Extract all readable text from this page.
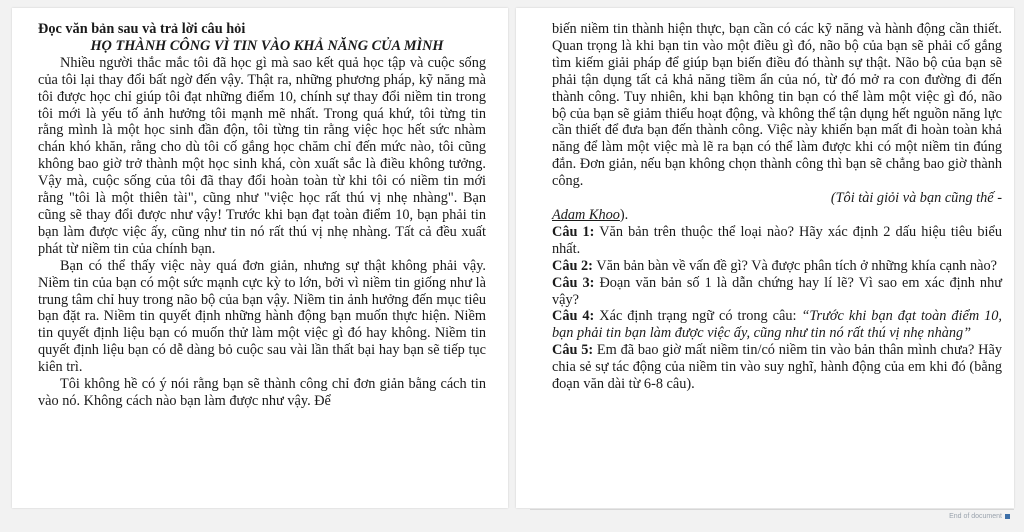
Đọc văn bản sau và trả lời câu hỏi

HỌ THÀNH CÔNG VÌ TIN VÀO KHẢ NĂNG CỦA MÌNH

Nhiều người thắc mắc tôi đã học gì mà sao kết quả học tập và cuộc sống của tôi lại thay đổi bất ngờ đến vậy. Thật ra, những phương pháp, kỹ năng mà tôi được học chỉ giúp tôi đạt những điểm 10, chính sự thay đổi niềm tin trong tôi mới là yếu tố ảnh hưởng tôi mạnh mẽ nhất. Trong quá khứ, tôi từng tin rằng mình là một học sinh đần độn, tôi từng tin rằng việc học hết sức nhàm chán khó khăn, rằng cho dù tôi cố gắng học chăm chỉ đến mức nào, tôi cũng không bao giờ trở thành một học sinh khá, còn xuất sắc là điều không tưởng. Vậy mà, cuộc sống của tôi đã thay đổi hoàn toàn từ khi tôi có niềm tin mới rằng "tôi là một thiên tài", cũng như "việc học rất thú vị nhẹ nhàng". Bạn cũng sẽ thay đổi được như vậy! Trước khi bạn đạt toàn điểm 10, bạn phải tin bạn làm được việc ấy, cũng như tin nó rất thú vị nhẹ nhàng. Tất cả đều xuất phát từ niềm tin của chính bạn.

Bạn có thể thấy việc này quá đơn giản, nhưng sự thật không phải vậy. Niềm tin của bạn có một sức mạnh cực kỳ to lớn, bởi vì niềm tin giống như là trung tâm chỉ huy trong não bộ của bạn vậy. Niềm tin ảnh hưởng đến mục tiêu bạn đặt ra. Niềm tin quyết định những hành động bạn muốn thực hiện. Niềm tin quyết định liệu bạn có muốn thử làm một việc gì đó hay không. Niềm tin quyết định liệu bạn có dễ dàng bỏ cuộc sau vài lần thất bại hay bạn sẽ tiếp tục kiên trì.

Tôi không hề có ý nói rằng bạn sẽ thành công chỉ đơn giản bằng cách tin vào nó. Không cách nào bạn làm được như vậy. Để

biến niềm tin thành hiện thực, bạn cần có các kỹ năng và hành động cần thiết. Quan trọng là khi bạn tin vào một điều gì đó, não bộ của bạn sẽ phải cố gắng tìm kiếm giải pháp để giúp bạn biến điều đó thành sự thật. Não bộ của bạn sẽ phải tận dụng tất cả khả năng tiềm ẩn của nó, từ đó mở ra con đường đi đến thành công. Tuy nhiên, khi bạn không tin bạn có thể làm một việc gì đó, não bộ của bạn sẽ giảm thiểu hoạt động, và không thể tận dụng hết nguồn năng lực cần thiết để đưa bạn đến thành công. Việc này khiến bạn mất đi hoàn toàn khả năng để làm một việc mà lẽ ra bạn có thể làm được khi có một niềm tin đúng đắn. Đơn giản, nếu bạn không chọn thành công thì bạn sẽ chẳng bao giờ thành công.

(Tôi tài giỏi và bạn cũng thế -

Adam Khoo).

Câu 1: Văn bản trên thuộc thể loại nào? Hãy xác định 2 dấu hiệu tiêu biểu nhất.

Câu 2: Văn bản bàn về vấn đề gì? Và được phân tích ở những khía cạnh nào?

Câu 3: Đoạn văn bản số 1 là dẫn chứng hay lí lẽ? Vì sao em xác định như vậy?

Câu 4: Xác định trạng ngữ có trong câu: “Trước khi bạn đạt toàn điểm 10, bạn phải tin bạn làm được việc ấy, cũng như tin nó rất thú vị nhẹ nhàng”

Câu 5: Em đã bao giờ mất niềm tin/có niềm tin vào bản thân mình chưa? Hãy chia sẻ sự tác động của niềm tin vào suy nghĩ, hành động của em khi đó (bằng đoạn văn dài từ 6-8 câu).

End of document
